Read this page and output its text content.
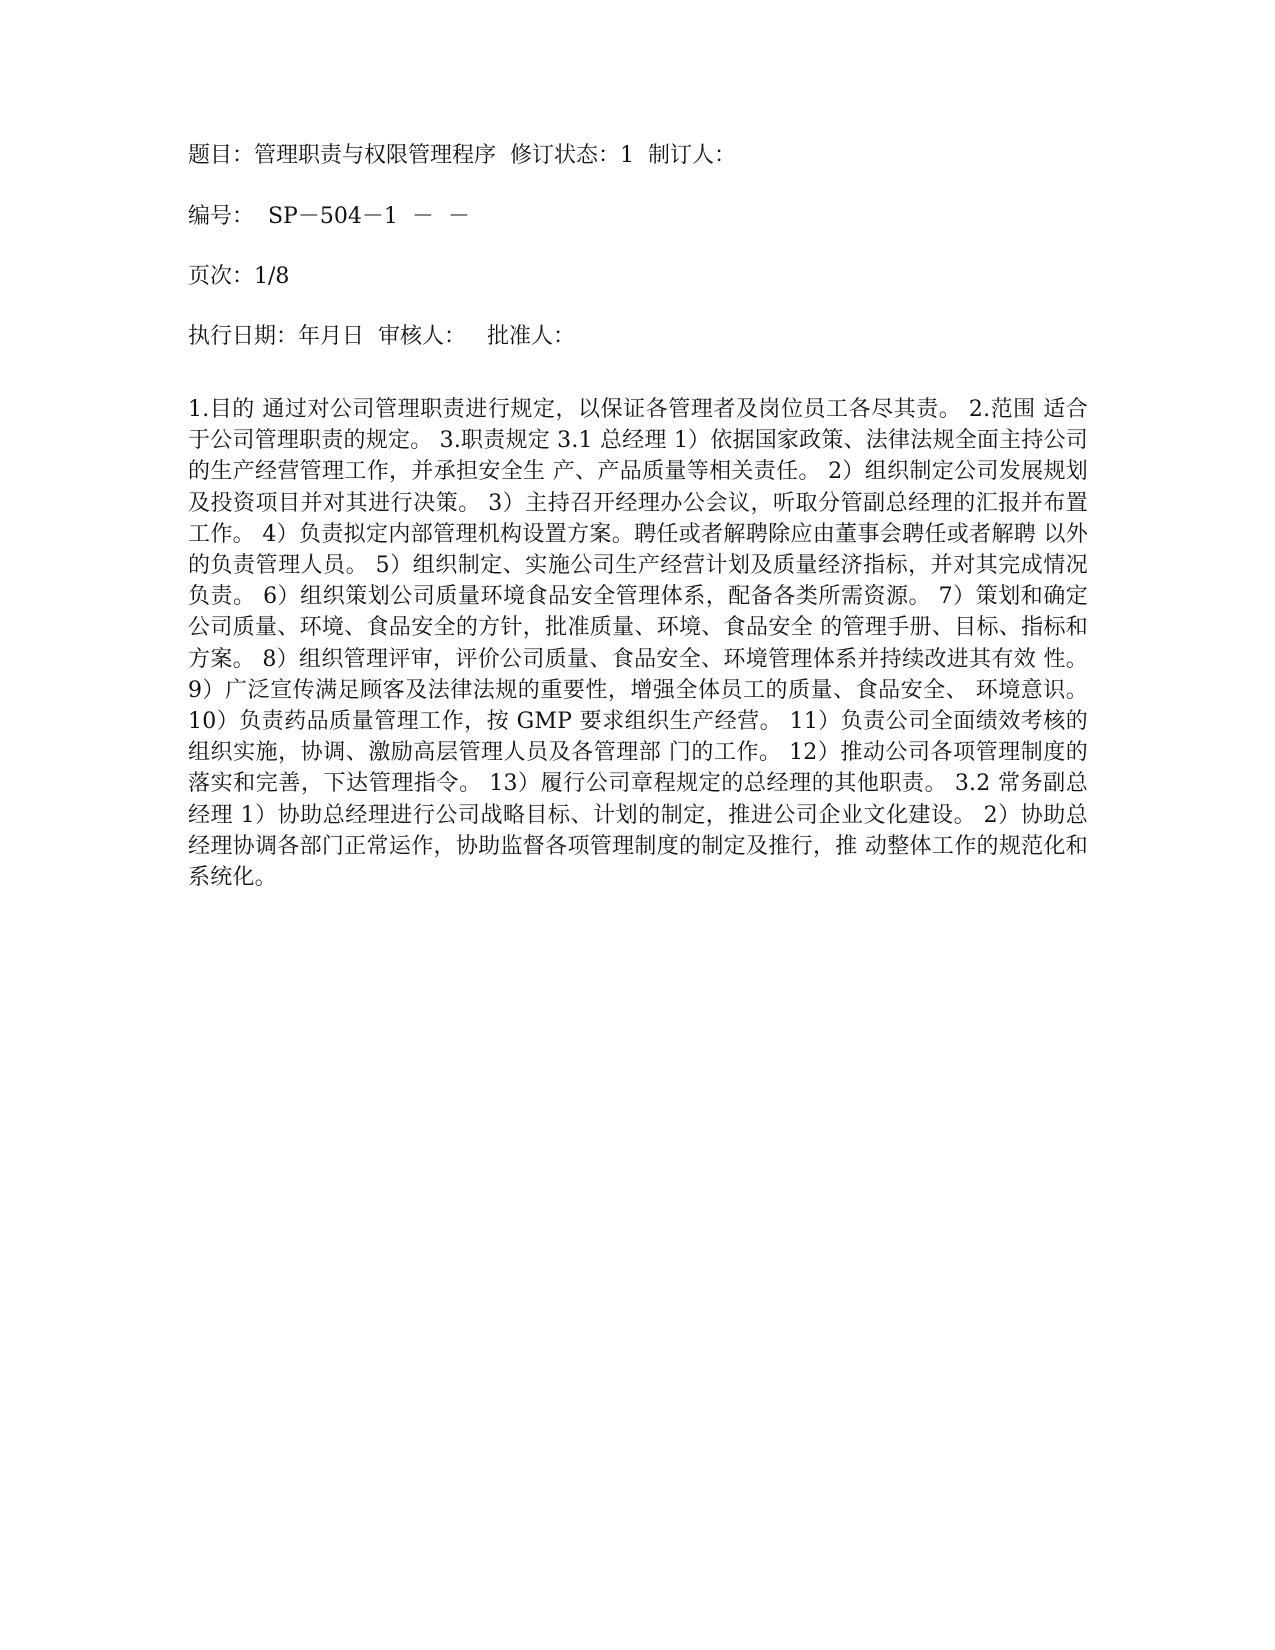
题目：管理职责与权限管理程序  修订状态：1  制订人：
编号：  SP－504－1  －  －
页次：1/8
执行日期：年月日  审核人：   批准人：
1.目的 通过对公司管理职责进行规定，以保证各管理者及岗位员工各尽其责。 2.范围 适合于公司管理职责的规定。 3.职责规定 3.1 总经理 1）依据国家政策、法律法规全面主持公司的生产经营管理工作，并承担安全生 产、产品质量等相关责任。 2）组织制定公司发展规划及投资项目并对其进行决策。 3）主持召开经理办公会议，听取分管副总经理的汇报并布置工作。 4）负责拟定内部管理机构设置方案。聘任或者解聘除应由董事会聘任或者解聘 以外的负责管理人员。 5）组织制定、实施公司生产经营计划及质量经济指标，并对其完成情况负责。 6）组织策划公司质量环境食品安全管理体系，配备各类所需资源。 7）策划和确定公司质量、环境、食品安全的方针，批准质量、环境、食品安全 的管理手册、目标、指标和方案。 8）组织管理评审，评价公司质量、食品安全、环境管理体系并持续改进其有效 性。 9）广泛宣传满足顾客及法律法规的重要性，增强全体员工的质量、食品安全、 环境意识。 10）负责药品质量管理工作，按 GMP 要求组织生产经营。 11）负责公司全面绩效考核的组织实施，协调、激励高层管理人员及各管理部 门的工作。 12）推动公司各项管理制度的落实和完善，下达管理指令。 13）履行公司章程规定的总经理的其他职责。 3.2 常务副总经理 1）协助总经理进行公司战略目标、计划的制定，推进公司企业文化建设。 2）协助总经理协调各部门正常运作，协助监督各项管理制度的制定及推行，推 动整体工作的规范化和系统化。
